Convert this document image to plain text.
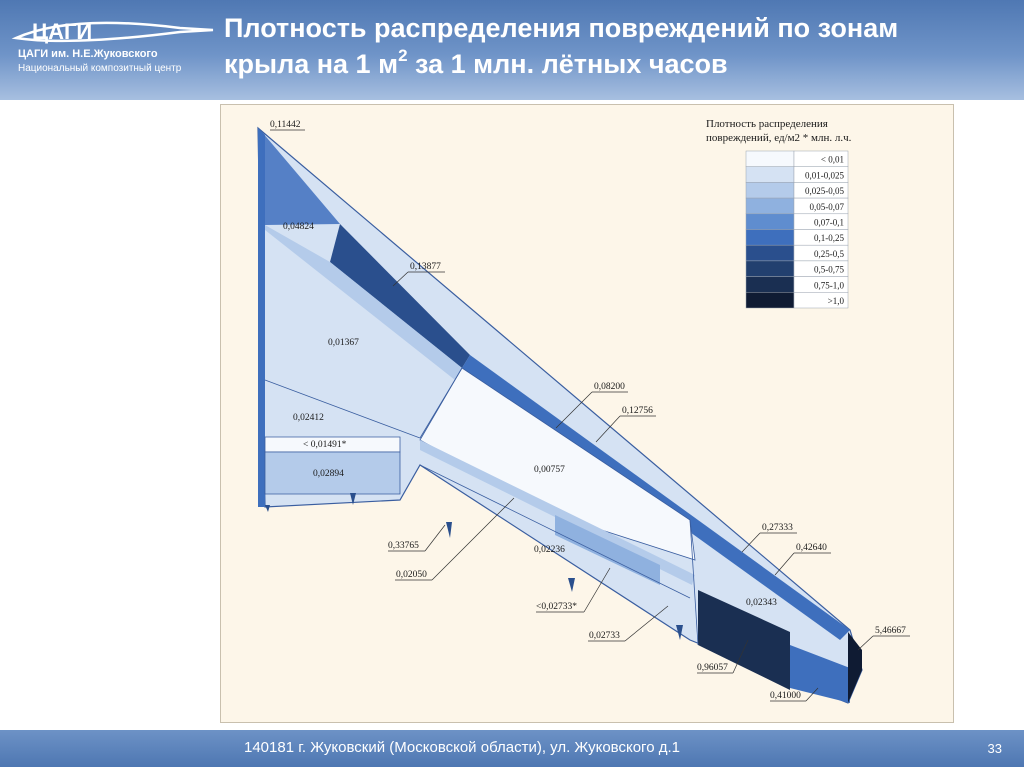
ЦАГИ
ЦАГИ им. Н.Е.Жуковского
Национальный композитный центр
Плотность распределения повреждений по зонам
крыла на 1 $м^2$ за 1 млн. лётных часов
0,11442
0,04824
0,13877
0,01367
0,02412
< 0,01491*
0,02894
0,08200
0,12756
0,00757
0,33765	0,02236
0,02050
<0,02733*
0,02733
0,27333
0,42640
0,02343
5,46667
0,96057
0,41000
Плотность распределения
повреждений, ед/м2 * млн. л.ч.
< 0,01
0,01-0,025
0,025-0,05
0,05-0,07
0,07-0,1
0,1-0,25
0,25-0,5
0,5-0,75
0,75-1,0
>1,0
140181 г. Жуковский (Московской области), ул. Жуковского д.1	33
